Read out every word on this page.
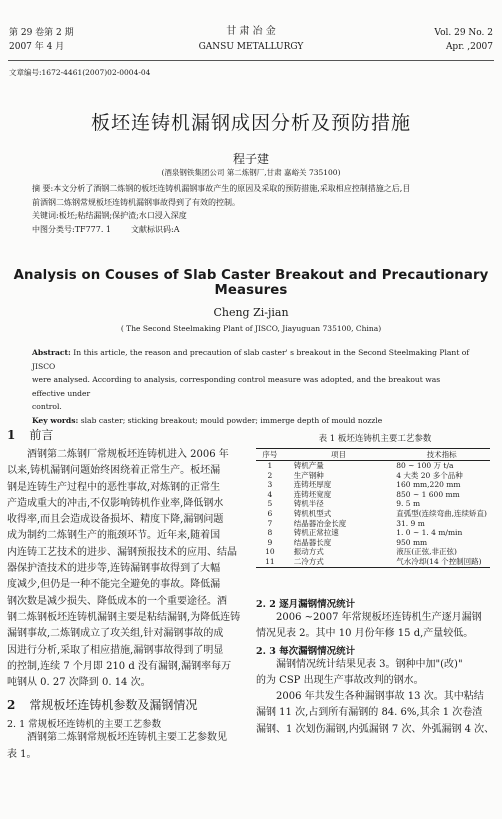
第 29 卷第 2 期
2007 年 4 月
甘 肃 冶 金
GANSU METALLURGY
Vol. 29 No. 2
Apr. ,2007
文章编号:1672-4461(2007)02-0004-04
板坯连铸机漏钢成因分析及预防措施
程子建
(酒泉钢铁集团公司 第二炼钢厂,甘肃 嘉峪关 735100)
摘 要:本文分析了酒钢二炼钢的板坯连铸机漏钢事故产生的原因及采取的预防措施,采取相应控制措施之后,目
前酒钢二炼钢常规板坯连铸机漏钢事故得到了有效的控制。
关键词:板坯;粘结漏钢;保护渣;水口浸入深度
中图分类号:TF777. 1	文献标识码:A
Analysis on Couses of Slab Caster Breakout and Precautionary Measures
Cheng Zi-jian
( The Second Steelmaking Plant of JISCO, Jiayuguan 735100, China)
Abstract: In this article, the reason and precaution of slab caster' s breakout in the Second Steelmaking Plant of JISCO
were analysed. According to analysis, corresponding control measure was adopted, and the breakout was effective under
control.
Key words: slab caster; sticking breakout; mould powder; immerge depth of mould nozzle
1 前言
酒钢第二炼钢厂常规板坯连铸机进入 2006 年
以来,铸机漏钢问题始终困绕着正常生产。板坯漏
钢是连铸生产过程中的恶性事故,对炼钢的正常生
产造成重大的冲击,不仅影响铸机作业率,降低钢水
收得率,而且会造成设备损坏、精度下降,漏钢问题
成为制约二炼钢生产的瓶颈环节。近年来,随着国
内连铸工艺技术的进步、漏钢预报技术的应用、结晶
器保护渣技术的进步等,连铸漏钢事故得到了大幅
度减少,但仍是一种不能完全避免的事故。降低漏
钢次数是减少损失、降低成本的一个重要途径。酒
钢二炼钢板坯连铸机漏钢主要是粘结漏钢,为降低连铸
漏钢事故,二炼钢成立了攻关组,针对漏钢事故的成
因进行分析,采取了相应措施,漏钢事故得到了明显
的控制,连续 7 个月即 210 d 没有漏钢,漏钢率每万
吨钢从 0. 27 次降到 0. 14 次。
2 常规板坯连铸机参数及漏钢情况
2. 1 常规板坯连铸机的主要工艺参数
酒钢第二炼钢常规板坯连铸机主要工艺参数见
表 1。
表 1 板坯连铸机主要工艺参数
序号	项目	技术指标
1	铸机产量	80 ~ 100 万 t/a
2	生产钢种	4 大类 20 多个品种
3	连铸坯厚度	160 mm,220 mm
4	连铸坯宽度	850 ~ 1 600 mm
5	铸机半径	9. 5 m
6	铸机机型式	直弧型(连续弯曲,连续矫直)
7	结晶器冶金长度	31. 9 m
8	铸机正常拉速	1. 0 ~ 1. 4 m/min
9	结晶器长度	950 mm
10	振动方式	液压(正弦,非正弦)
11	二冷方式	气水冷却(14 个控制回路)
2. 2 逐月漏钢情况统计
2006 ~2007 年常规板坯连铸机生产逐月漏钢
情况见表 2。其中 10 月份年修 15 d,产量较低。
2. 3 每次漏钢情况统计
漏钢情况统计结果见表 3。钢种中加"(改)"
的为 CSP 出现生产事故改判的钢水。
2006 年共发生各种漏钢事故 13 次。其中粘结
漏钢 11 次,占到所有漏钢的 84. 6%,其余 1 次卷渣
漏钢、1 次划伤漏钢,内弧漏钢 7 次、外弧漏钢 4 次、
